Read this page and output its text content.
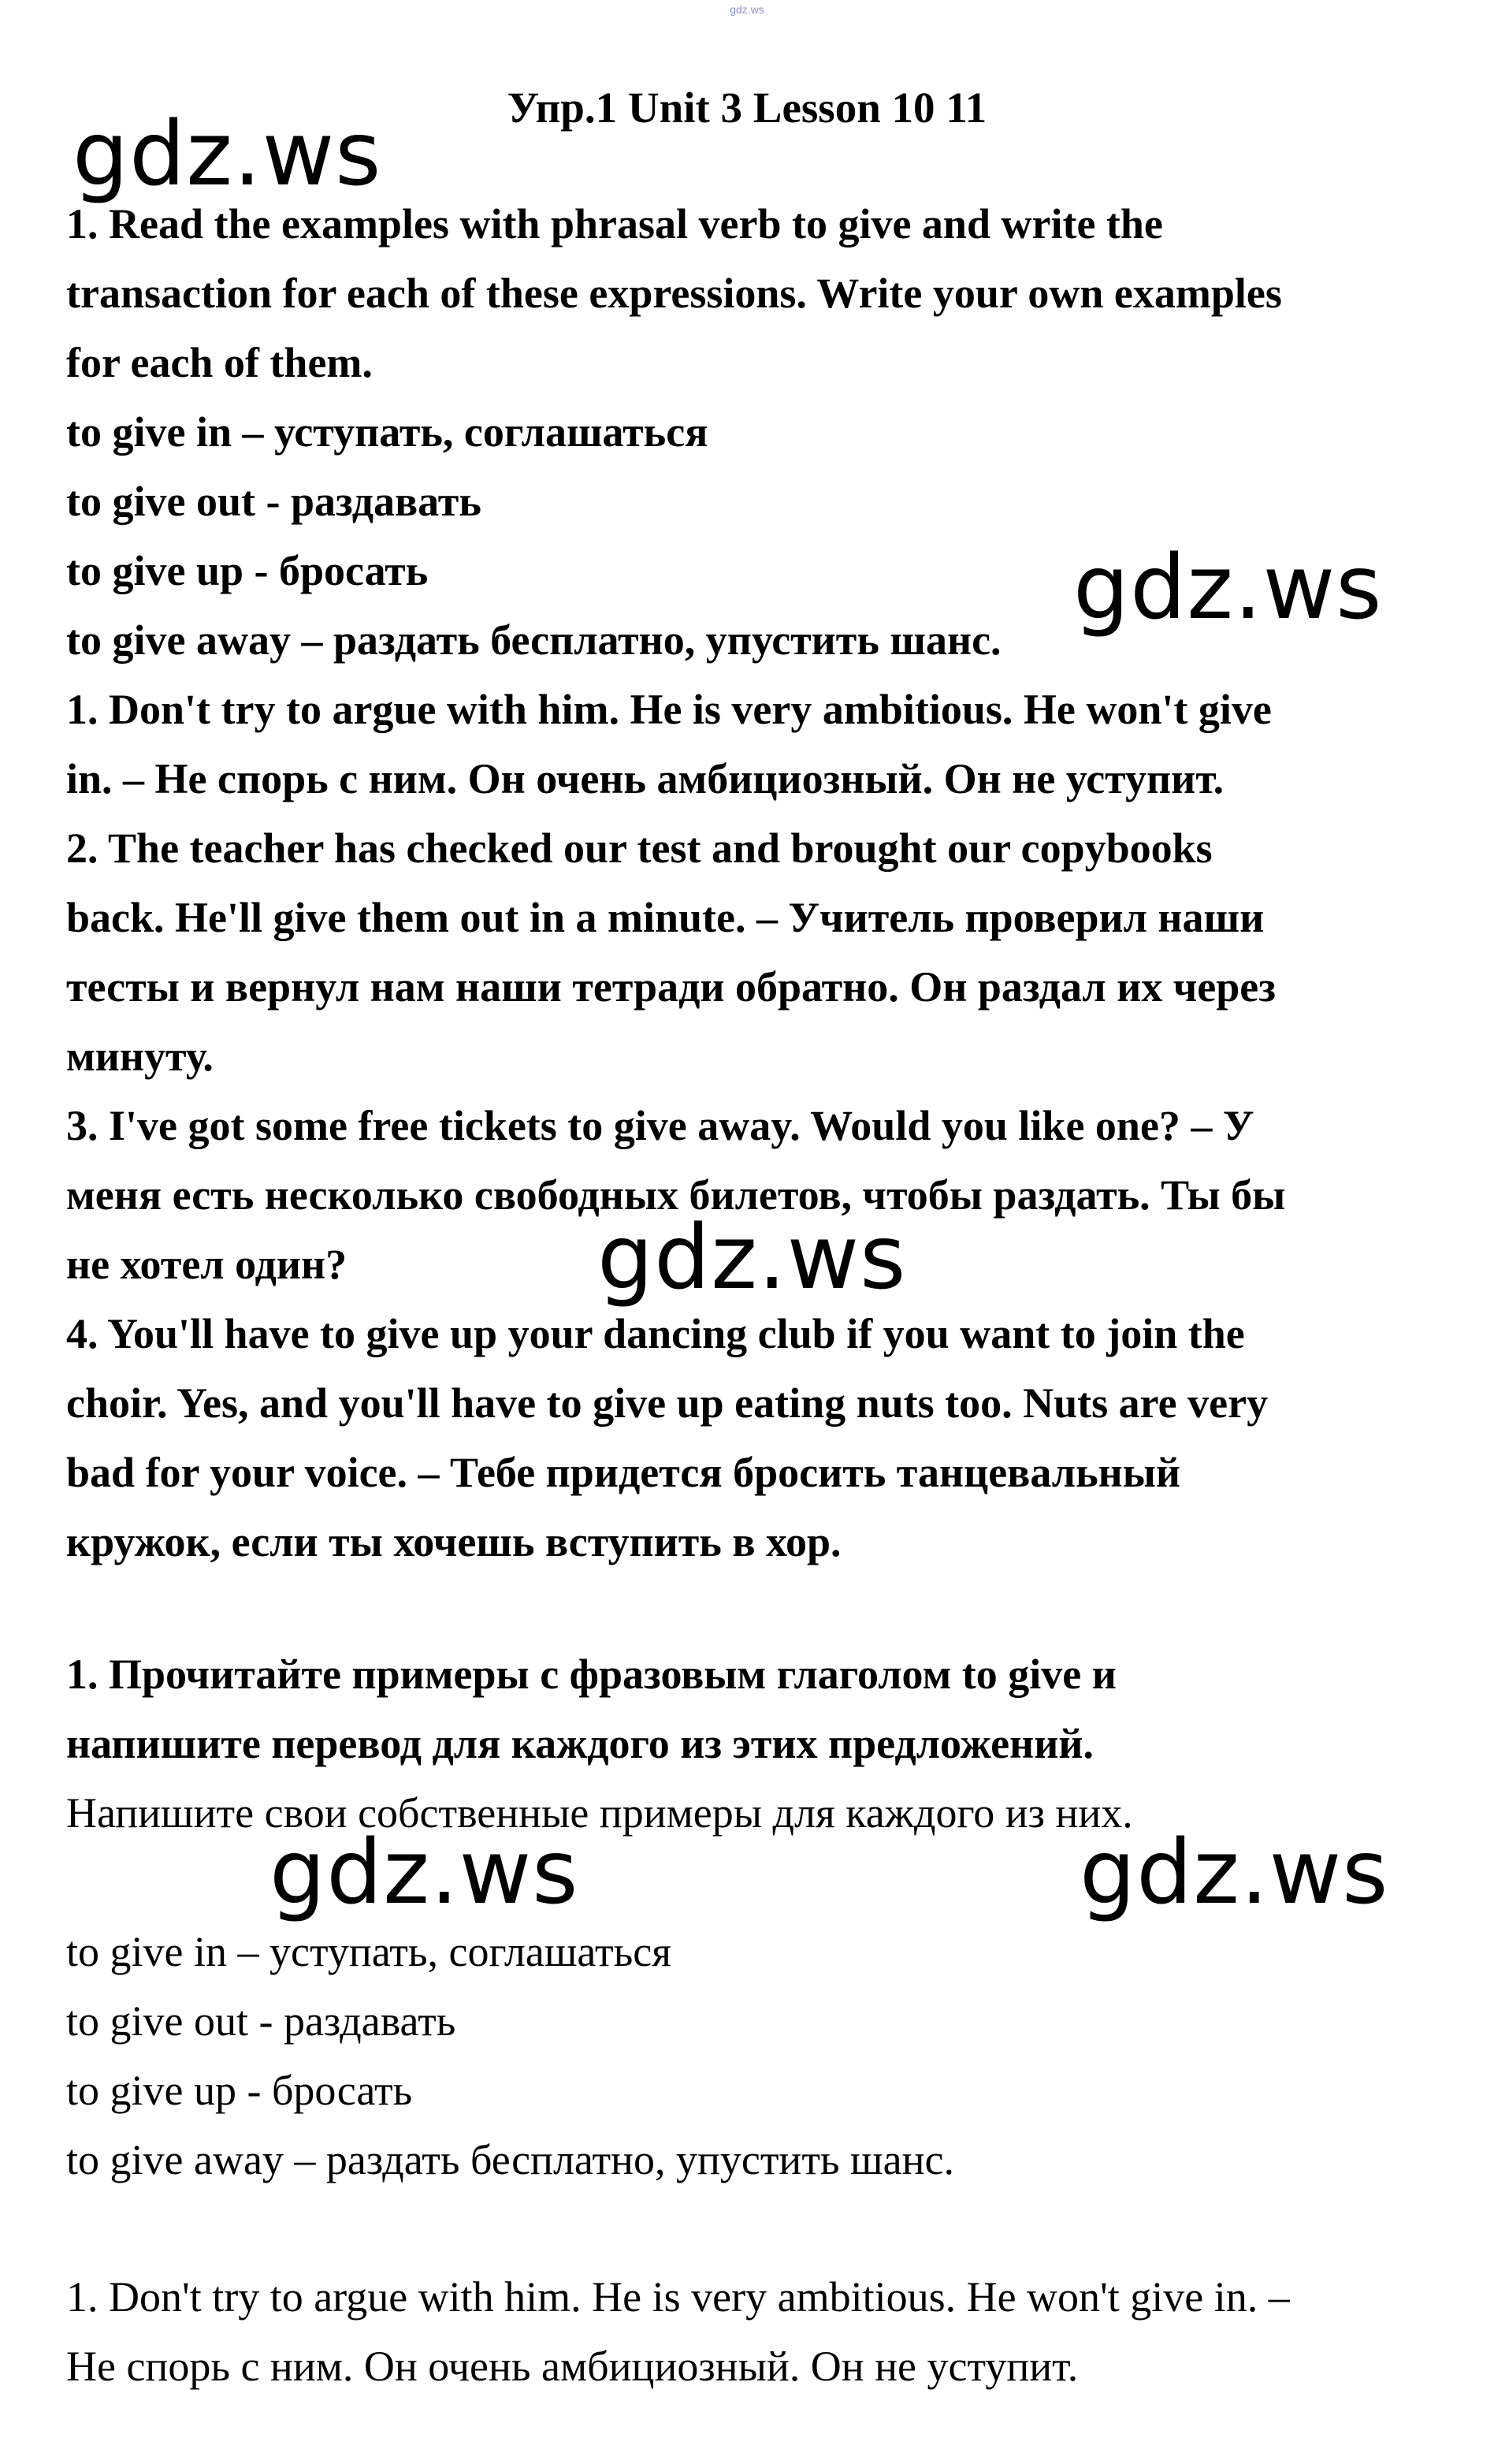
gdz.ws
Упр.1 Unit 3 Lesson 10 11
gdz.ws
gdz.ws
gdz.ws
gdz.ws	gdz.ws
1. Read the examples with phrasal verb to give and write the
transaction for each of these expressions. Write your own examples
for each of them.
to give in – уступать, соглашаться
to give out - раздавать
to give up - бросать
to give away – раздать бесплатно, упустить шанс.
1. Don't try to argue with him. He is very ambitious. He won't give
in. – Не спорь с ним. Он очень амбициозный. Он не уступит.
2. The teacher has checked our test and brought our copybooks
back. He'll give them out in a minute. – Учитель проверил наши
тесты и вернул нам наши тетради обратно. Он раздал их через
минуту.
3. I've got some free tickets to give away. Would you like one? – У
меня есть несколько свободных билетов, чтобы раздать. Ты бы
не хотел один?
4. You'll have to give up your dancing club if you want to join the
choir. Yes, and you'll have to give up eating nuts too. Nuts are very
bad for your voice. – Тебе придется бросить танцевальный
кружок, если ты хочешь вступить в хор.
1. Прочитайте примеры с фразовым глаголом to give и
напишите перевод для каждого из этих предложений.
Напишите свои собственные примеры для каждого из них.
to give in – уступать, соглашаться
to give out - раздавать
to give up - бросать
to give away – раздать бесплатно, упустить шанс.
1. Don't try to argue with him. He is very ambitious. He won't give in. –
Не спорь с ним. Он очень амбициозный. Он не уступит.
